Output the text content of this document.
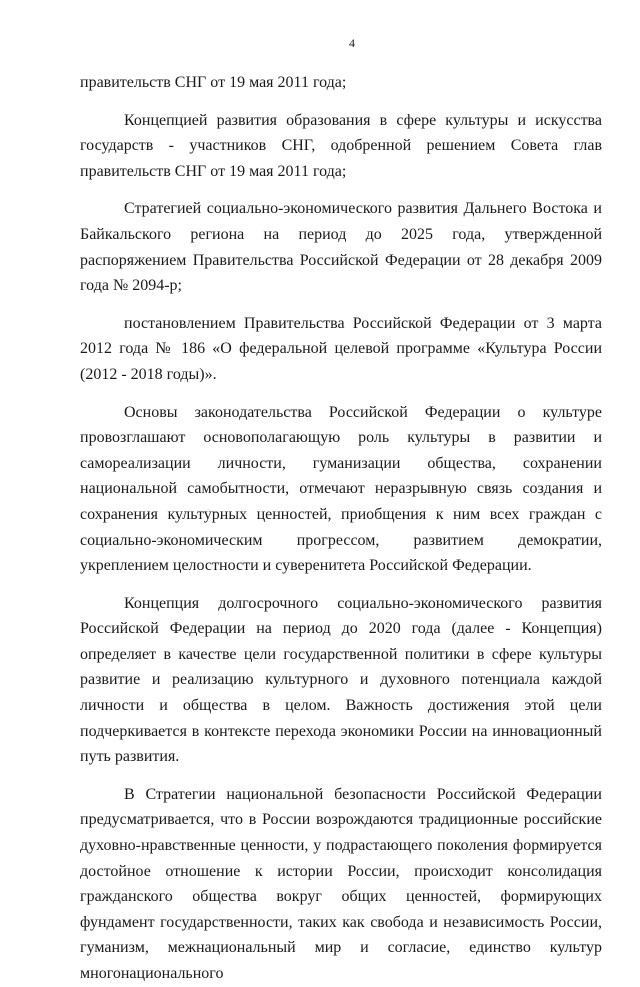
4

правительств СНГ от 19 мая 2011 года;

Концепцией развития образования в сфере культуры и искусства государств - участников СНГ, одобренной решением Совета глав правительств СНГ от 19 мая 2011 года;

Стратегией социально-экономического развития Дальнего Востока и Байкальского региона на период до 2025 года, утвержденной распоряжением Правительства Российской Федерации от 28 декабря 2009 года № 2094-р;

постановлением Правительства Российской Федерации от 3 марта 2012 года № 186 «О федеральной целевой программе «Культура России (2012 - 2018 годы)».

Основы законодательства Российской Федерации о культуре провозглашают основополагающую роль культуры в развитии и самореализации личности, гуманизации общества, сохранении национальной самобытности, отмечают неразрывную связь создания и сохранения культурных ценностей, приобщения к ним всех граждан с социально-экономическим прогрессом, развитием демократии, укреплением целостности и суверенитета Российской Федерации.

Концепция долгосрочного социально-экономического развития Российской Федерации на период до 2020 года (далее - Концепция) определяет в качестве цели государственной политики в сфере культуры развитие и реализацию культурного и духовного потенциала каждой личности и общества в целом. Важность достижения этой цели подчеркивается в контексте перехода экономики России на инновационный путь развития.

В Стратегии национальной безопасности Российской Федерации предусматривается, что в России возрождаются традиционные российские духовно-нравственные ценности, у подрастающего поколения формируется достойное отношение к истории России, происходит консолидация гражданского общества вокруг общих ценностей, формирующих фундамент государственности, таких как свобода и независимость России, гуманизм, межнациональный мир и согласие, единство культур многонационального
